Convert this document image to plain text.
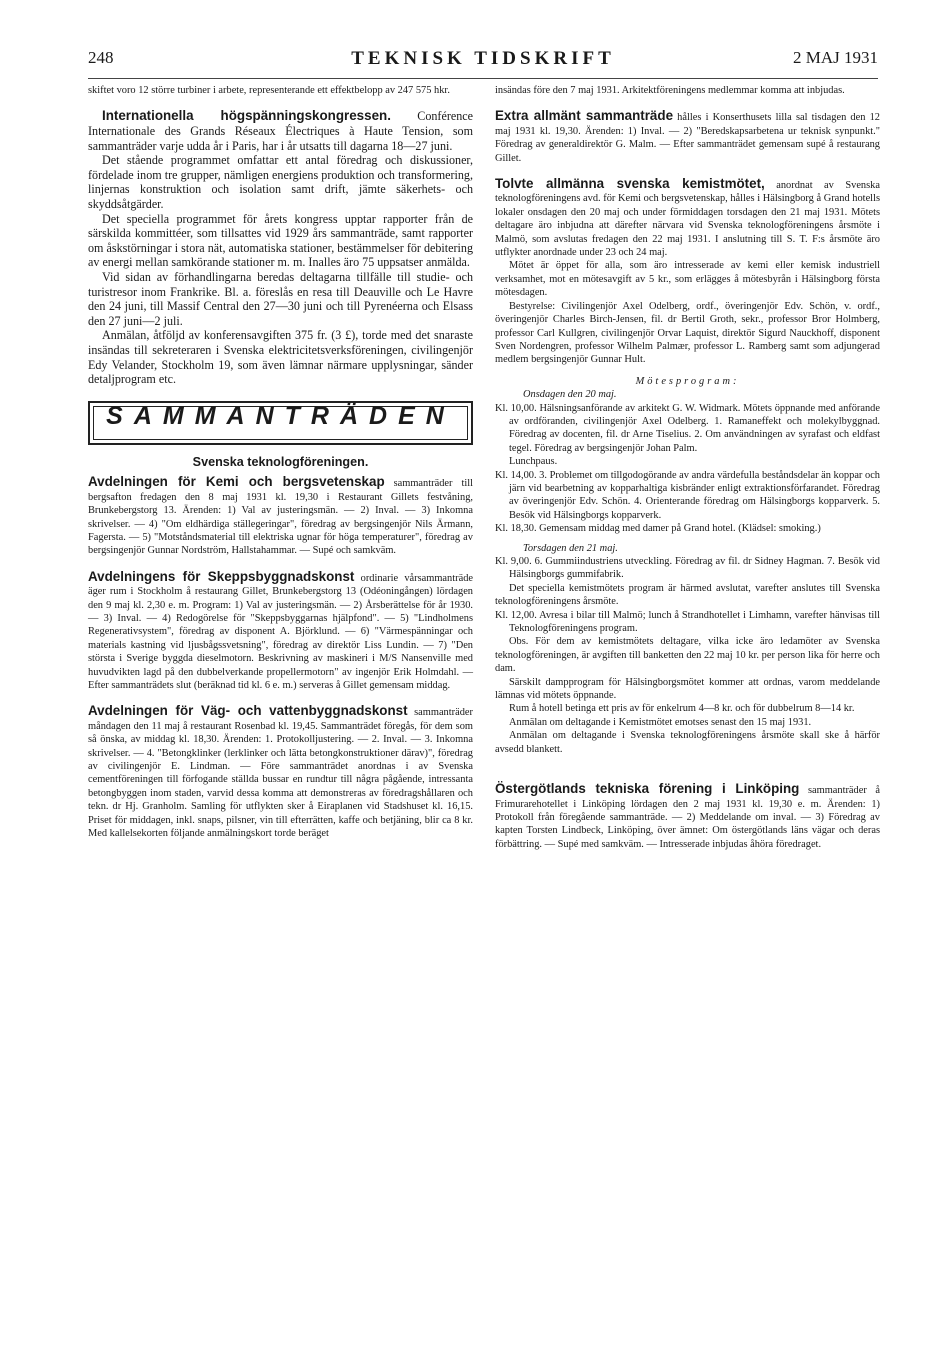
248	TEKNISK TIDSKRIFT	2 MAJ 1931

skiftet voro 12 större turbiner i arbete, representerande ett effektbelopp av 247 575 hkr.

Internationella högspänningskongressen. Conférence Internationale des Grands Réseaux Électriques à Haute Tension, som sammanträder varje udda år i Paris, har i år utsatts till dagarna 18—27 juni.

Det stående programmet omfattar ett antal föredrag och diskussioner, fördelade inom tre grupper, nämligen energiens produktion och transformering, linjernas konstruktion och isolation samt drift, jämte säkerhets- och skyddsåtgärder.

Det speciella programmet för årets kongress upptar rapporter från de särskilda kommittéer, som tillsattes vid 1929 års sammanträde, samt rapporter om åskstörningar i stora nät, automatiska stationer, bestämmelser för debitering av energi mellan samkörande stationer m. m. Inalles äro 75 uppsatser anmälda.

Vid sidan av förhandlingarna beredas deltagarna tillfälle till studie- och turistresor inom Frankrike. Bl. a. föreslås en resa till Deauville och Le Havre den 24 juni, till Massif Central den 27—30 juni och till Pyrenéerna och Elsass den 27 juni—2 juli.

Anmälan, åtföljd av konferensavgiften 375 fr. (3 £), torde med det snaraste insändas till sekreteraren i Svenska elektricitetsverksföreningen, civilingenjör Edy Velander, Stockholm 19, som även lämnar närmare upplysningar, sänder detaljprogram etc.

SAMMANTRÄDEN
Svenska teknologföreningen.

Avdelningen för Kemi och bergsvetenskap sammanträder till bergsafton fredagen den 8 maj 1931 kl. 19,30 i Restaurant Gillets festvåning, Brunkebergstorg 13. Ärenden: 1) Val av justeringsmän. — 2) Inval. — 3) Inkomna skrivelser. — 4) "Om eldhärdiga ställegeringar", föredrag av bergsingenjör Nils Ärmann, Fagersta. — 5) "Motståndsmaterial till elektriska ugnar för höga temperaturer", föredrag av bergsingenjör Gunnar Nordström, Hallstahammar. — Supé och samkväm.

Avdelningens för Skeppsbyggnadskonst ordinarie vårsammanträde äger rum i Stockholm å restaurang Gillet, Brunkebergstorg 13 (Odéoningången) lördagen den 9 maj kl. 2,30 e. m. Program: 1) Val av justeringsmän. — 2) Årsberättelse för år 1930. — 3) Inval. — 4) Redogörelse för "Skeppsbyggarnas hjälpfond". — 5) "Lindholmens Regenerativsystem", föredrag av disponent A. Björklund. — 6) "Värmespänningar och materials kastning vid ljusbågssvetsning", föredrag av direktör Liss Lundin. — 7) "Den största i Sverige byggda dieselmotorn. Beskrivning av maskineri i M/S Nansenville med huvudvikten lagd på den dubbelverkande propellermotorn" av ingenjör Erik Holmdahl. — Efter sammanträdets slut (beräknad tid kl. 6 e. m.) serveras å Gillet gemensam middag.

Avdelningen för Väg- och vattenbyggnadskonst sammanträder måndagen den 11 maj å restaurant Rosenbad kl. 19,45. Sammanträdet föregås, för dem som så önska, av middag kl. 18,30. Ärenden: 1. Protokolljustering. — 2. Inval. — 3. Inkomna skrivelser. — 4. "Betongklinker (lerklinker och lätta betongkonstruktioner därav)", föredrag av civilingenjör E. Lindman. — Före sammanträdet anordnas i av Svenska cementföreningen till förfogande ställda bussar en rundtur till några pågående, intressanta betongbyggen inom staden, varvid dessa komma att demonstreras av föredragshållaren och tekn. dr Hj. Granholm. Samling för utflykten sker å Eiraplanen vid Stadshuset kl. 16,15. Priset för middagen, inkl. snaps, pilsner, vin till efterrätten, kaffe och betjäning, blir ca 8 kr. Med kallelsekorten följande anmälningskort torde beräget

insändas före den 7 maj 1931. Arkitektföreningens medlemmar komma att inbjudas.

Extra allmänt sammanträde hålles i Konserthusets lilla sal tisdagen den 12 maj 1931 kl. 19,30. Ärenden: 1) Inval. — 2) "Beredskapsarbetena ur teknisk synpunkt." Föredrag av generaldirektör G. Malm. — Efter sammanträdet gemensam supé å restaurang Gillet.

Tolvte allmänna svenska kemistmötet, anordnat av Svenska teknologföreningens avd. för Kemi och bergsvetenskap, hålles i Hälsingborg å Grand hotells lokaler onsdagen den 20 maj och under förmiddagen torsdagen den 21 maj 1931. Mötets deltagare äro inbjudna att därefter närvara vid Svenska teknologföreningens årsmöte i Malmö, som avslutas fredagen den 22 maj 1931. I anslutning till S. T. F:s årsmöte äro utflykter anordnade under 23 och 24 maj.

Mötet är öppet för alla, som äro intresserade av kemi eller kemisk industriell verksamhet, mot en mötesavgift av 5 kr., som erlägges å mötesbyrån i Hälsingborg första mötesdagen.

Bestyrelse: Civilingenjör Axel Odelberg, ordf., överingenjör Edv. Schön, v. ordf., överingenjör Charles Birch-Jensen, fil. dr Bertil Groth, sekr., professor Bror Holmberg, professor Carl Kullgren, civilingenjör Orvar Laquist, direktör Sigurd Nauckhoff, disponent Sven Nordengren, professor Wilhelm Palmær, professor L. Ramberg samt som adjungerad medlem bergsingenjör Gunnar Hult.

Mötesprogram:

Onsdagen den 20 maj.

Kl. 10,00. Hälsningsanförande av arkitekt G. W. Widmark. Mötets öppnande med anförande av ordföranden, civilingenjör Axel Odelberg. 1. Ramaneffekt och molekylbyggnad. Föredrag av docenten, fil. dr Arne Tiselius. 2. Om användningen av syrafast och eldfast tegel. Föredrag av bergsingenjör Johan Palm.

Lunchpaus.

Kl. 14,00. 3. Problemet om tillgodogörande av andra värdefulla beståndsdelar än koppar och järn vid bearbetning av kopparhaltiga kisbränder enligt extraktionsförfarandet. Föredrag av överingenjör Edv. Schön. 4. Orienterande föredrag om Hälsingborgs kopparverk. 5. Besök vid Hälsingborgs kopparverk.

Kl. 18,30. Gemensam middag med damer på Grand hotel. (Klädsel: smoking.)

Torsdagen den 21 maj.

Kl. 9,00. 6. Gummiindustriens utveckling. Föredrag av fil. dr Sidney Hagman. 7. Besök vid Hälsingborgs gummifabrik.

Det speciella kemistmötets program är härmed avslutat, varefter anslutes till Svenska teknologföreningens årsmöte.

Kl. 12,00. Avresa i bilar till Malmö; lunch å Strandhotellet i Limhamn, varefter hänvisas till Teknologföreningens program.

Obs. För dem av kemistmötets deltagare, vilka icke äro ledamöter av Svenska teknologföreningen, är avgiften till banketten den 22 maj 10 kr. per person lika för herre och dam.

Särskilt dampprogram för Hälsingborgsmötet kommer att ordnas, varom meddelande lämnas vid mötets öppnande.

Rum å hotell betinga ett pris av för enkelrum 4—8 kr. och för dubbelrum 8—14 kr.

Anmälan om deltagande i Kemistmötet emotses senast den 15 maj 1931.

Anmälan om deltagande i Svenska teknologföreningens årsmöte skall ske å härför avsedd blankett.

Östergötlands tekniska förening i Linköping sammanträder å Frimurarehotellet i Linköping lördagen den 2 maj 1931 kl. 19,30 e. m. Ärenden: 1) Protokoll från föregående sammanträde. — 2) Meddelande om inval. — 3) Föredrag av kapten Torsten Lindbeck, Linköping, över ämnet: Om östergötlands läns vägar och deras förbättring. — Supé med samkväm. — Intresserade inbjudas åhöra föredraget.
